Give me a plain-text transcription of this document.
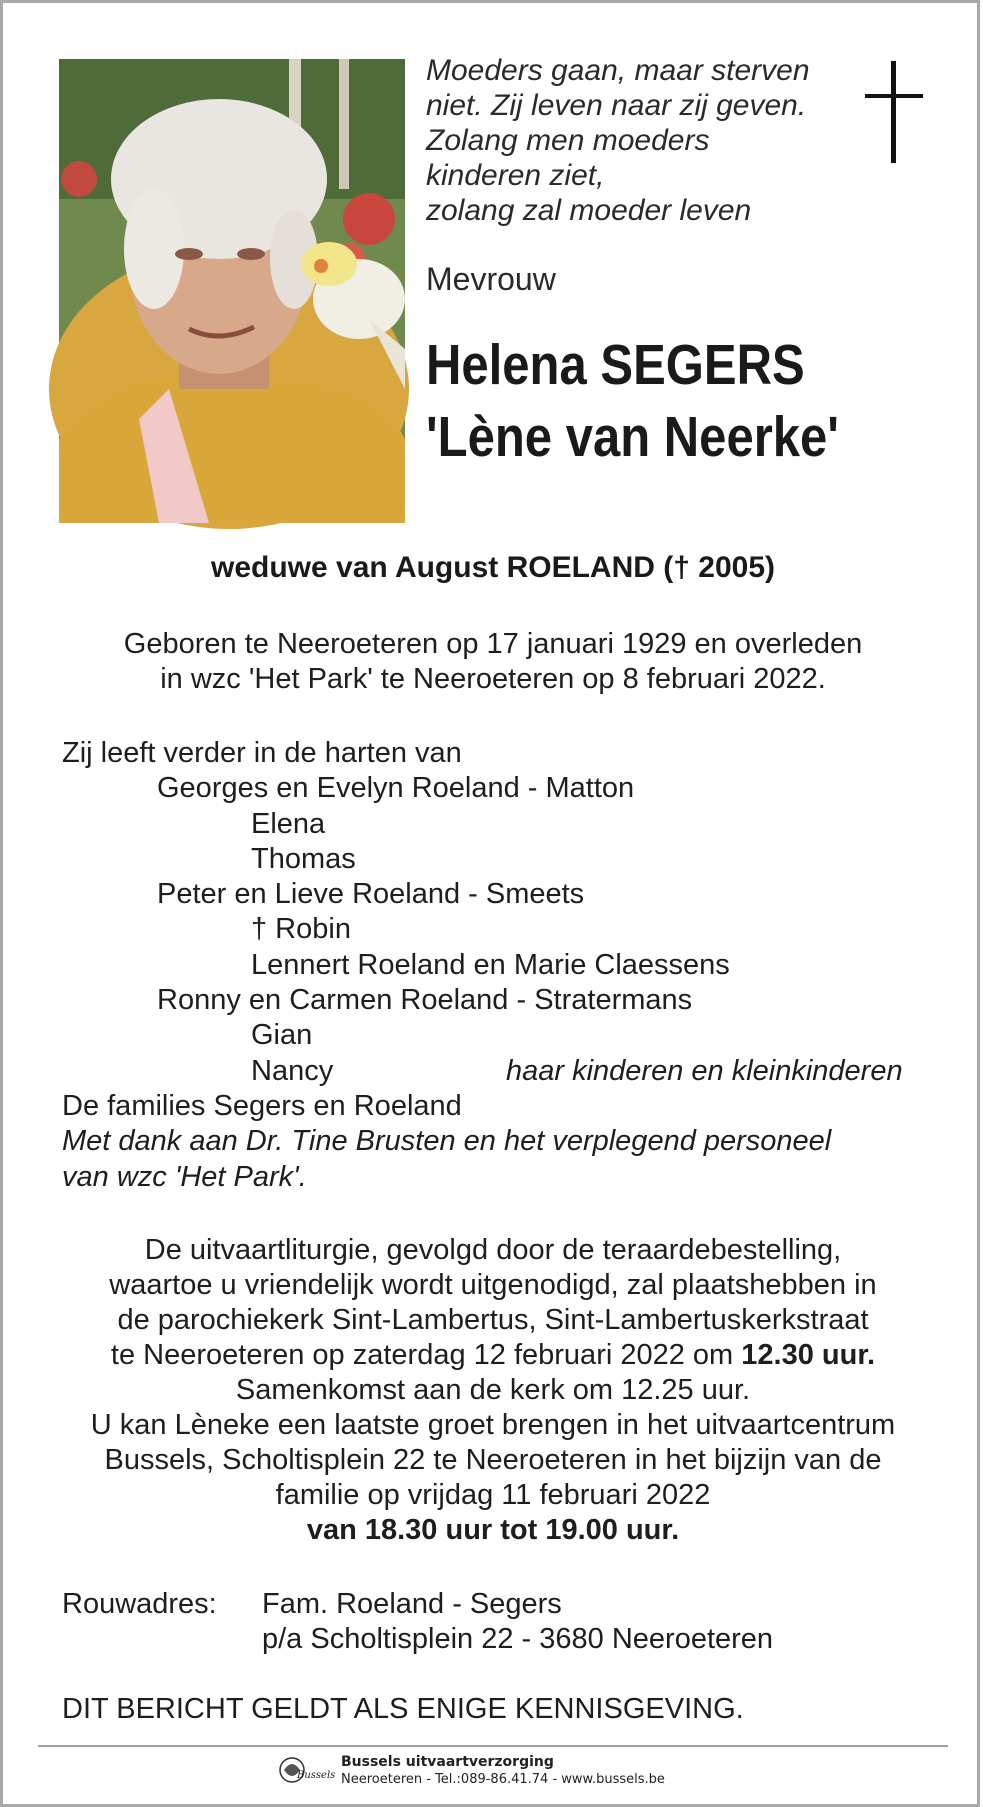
Moeders gaan, maar sterven
niet. Zij leven naar zij geven.
Zolang men moeders
kinderen ziet,
zolang zal moeder leven
Mevrouw
Helena SEGERS
'Lène van Neerke'
weduwe van August ROELAND († 2005)
Geboren te Neeroeteren op 17 januari 1929 en overleden
in wzc 'Het Park' te Neeroeteren op 8 februari 2022.
Zij leeft verder in de harten van
Georges en Evelyn Roeland - Matton
Elena
Thomas
Peter en Lieve Roeland - Smeets
† Robin
Lennert Roeland en Marie Claessens
Ronny en Carmen Roeland - Stratermans
Gian
Nancy	haar kinderen en kleinkinderen
De families Segers en Roeland
Met dank aan Dr. Tine Brusten en het verplegend personeel
van wzc 'Het Park'.
De uitvaartliturgie, gevolgd door de teraardebestelling,
waartoe u vriendelijk wordt uitgenodigd, zal plaatshebben in
de parochiekerk Sint-Lambertus, Sint-Lambertuskerkstraat
te Neeroeteren op zaterdag 12 februari 2022 om 12.30 uur.
Samenkomst aan de kerk om 12.25 uur.
U kan Lèneke een laatste groet brengen in het uitvaartcentrum
Bussels, Scholtisplein 22 te Neeroeteren in het bijzijn van de
familie op vrijdag 11 februari 2022
van 18.30 uur tot 19.00 uur.
Rouwadres: Fam. Roeland - Segers
p/a Scholtisplein 22 - 3680 Neeroeteren
DIT BERICHT GELDT ALS ENIGE KENNISGEVING.
Bussels
Bussels uitvaartverzorging
Neeroeteren - Tel.:089-86.41.74 - www.bussels.be
